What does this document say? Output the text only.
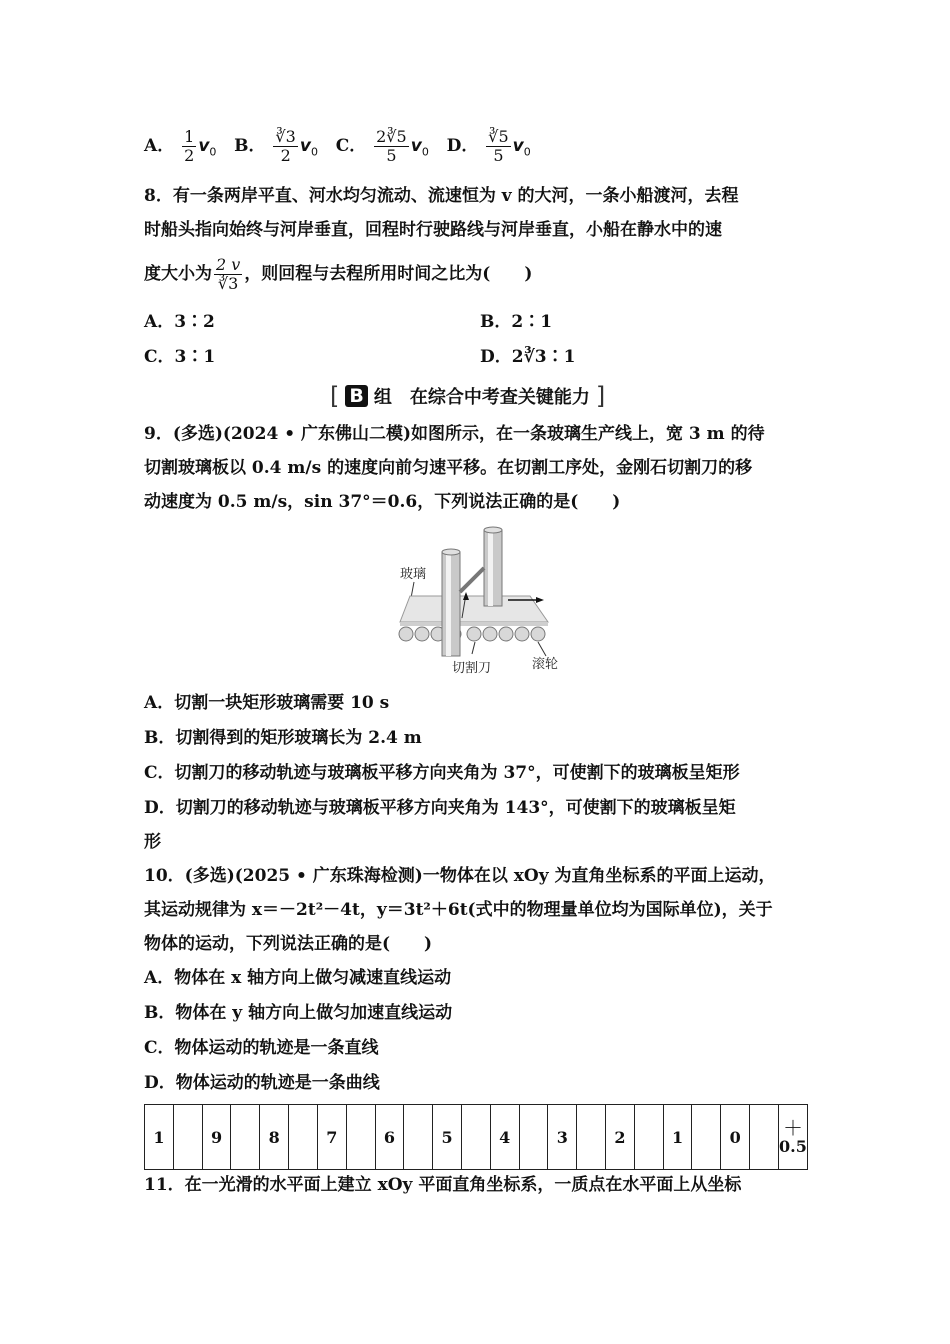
A． $\frac{1}{2} v_0$ B． $\frac{∛3}{2} v_0$ C． $\frac{2∛5}{5} v_0$ D． $\frac{∛5}{5} v_0$
8．有一条两岸平直、河水均匀流动、流速恒为 v 的大河，一条小船渡河，去程
时船头指向始终与河岸垂直，回程时行驶路线与河岸垂直，小船在静水中的速
度大小为 $\frac{2 v}{∛3}$ ，则回程与去程所用时间之比为(　　)
A．3∶2	B．2∶1
C．3∶1	D．2∛3∶1
[ B 组　在综合中考查关键能力 ]
9．(多选)(2024 • 广东佛山二模)如图所示，在一条玻璃生产线上，宽 3 m 的待
切割玻璃板以 0.4 m/s 的速度向前匀速平移。在切割工序处，金刚石切割刀的移
动速度为 0.5 m/s，sin 37°＝0.6，下列说法正确的是(　　)
玻璃
切割刀	滚轮
A．切割一块矩形玻璃需要 10 s
B．切割得到的矩形玻璃长为 2.4 m
C．切割刀的移动轨迹与玻璃板平移方向夹角为 37°，可使割下的玻璃板呈矩形
D．切割刀的移动轨迹与玻璃板平移方向夹角为 143°，可使割下的玻璃板呈矩
形
10．(多选)(2025 • 广东珠海检测)一物体在以 xOy 为直角坐标系的平面上运动，
其运动规律为 x＝－2t²－4t，y＝3t²＋6t(式中的物理量单位均为国际单位)，关于
物体的运动，下列说法正确的是(　　)
A．物体在 x 轴方向上做匀减速直线运动
B．物体在 y 轴方向上做匀加速直线运动
C．物体运动的轨迹是一条直线
D．物体运动的轨迹是一条曲线
1		9		8		7		6		5		4		3		2		1		0		＋
0.5
11．在一光滑的水平面上建立 xOy 平面直角坐标系，一质点在水平面上从坐标
